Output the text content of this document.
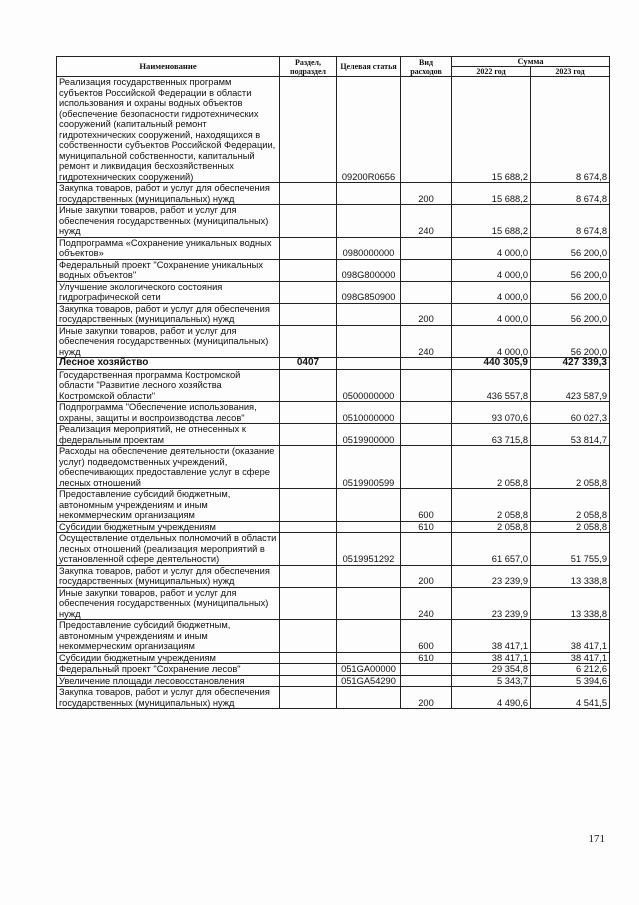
Наименование	Раздел, подраздел	Целевая статья	Вид расходов	Сумма	
				2022 год	2023 год
Реализация государственных программ субъектов Российской Федерации в области использования и охраны водных объектов (обеспечение безопасности гидротехнических сооружений (капитальный ремонт гидротехнических сооружений, находящихся в собственности субъектов Российской Федерации, муниципальной собственности, капитальный ремонт и ликвидация бесхозяйственных гидротехнических сооружений)		09200R0656		15 688,2	8 674,8
Закупка товаров, работ и услуг для обеспечения государственных (муниципальных) нужд			200	15 688,2	8 674,8
Иные закупки товаров, работ и услуг для обеспечения государственных (муниципальных) нужд			240	15 688,2	8 674,8
Подпрограмма «Сохранение уникальных водных объектов»		0980000000		4 000,0	56 200,0
Федеральный проект "Сохранение уникальных водных объектов"		098G800000		4 000,0	56 200,0
Улучшение экологического состояния гидрографической сети		098G850900		4 000,0	56 200,0
Закупка товаров, работ и услуг для обеспечения государственных (муниципальных) нужд			200	4 000,0	56 200,0
Иные закупки товаров, работ и услуг для обеспечения государственных (муниципальных) нужд			240	4 000,0	56 200,0
Лесное хозяйство	0407			440 305,9	427 339,3
Государственная программа Костромской области "Развитие лесного хозяйства Костромской области"		0500000000		436 557,8	423 587,9
Подпрограмма "Обеспечение использования, охраны, защиты и воспроизводства лесов"		0510000000		93 070,6	60 027,3
Реализация мероприятий, не отнесенных к федеральным проектам		0519900000		63 715,8	53 814,7
Расходы на обеспечение деятельности (оказание услуг) подведомственных учреждений, обеспечивающих предоставление услуг в сфере лесных отношений		0519900599		2 058,8	2 058,8
Предоставление субсидий бюджетным, автономным учреждениям и иным некоммерческим организациям			600	2 058,8	2 058,8
Субсидии бюджетным учреждениям			610	2 058,8	2 058,8
Осуществление отдельных полномочий в области лесных отношений (реализация мероприятий в установленной сфере деятельности)		0519951292		61 657,0	51 755,9
Закупка товаров, работ и услуг для обеспечения государственных (муниципальных) нужд			200	23 239,9	13 338,8
Иные закупки товаров, работ и услуг для обеспечения государственных (муниципальных) нужд			240	23 239,9	13 338,8
Предоставление субсидий бюджетным, автономным учреждениям и иным некоммерческим организациям			600	38 417,1	38 417,1
Субсидии бюджетным учреждениям			610	38 417,1	38 417,1
Федеральный проект "Сохранение лесов"		051GA00000		29 354,8	6 212,6
Увеличение площади лесовосстановления		051GA54290		5 343,7	5 394,6
Закупка товаров, работ и услуг для обеспечения государственных (муниципальных) нужд			200	4 490,6	4 541,5
171
